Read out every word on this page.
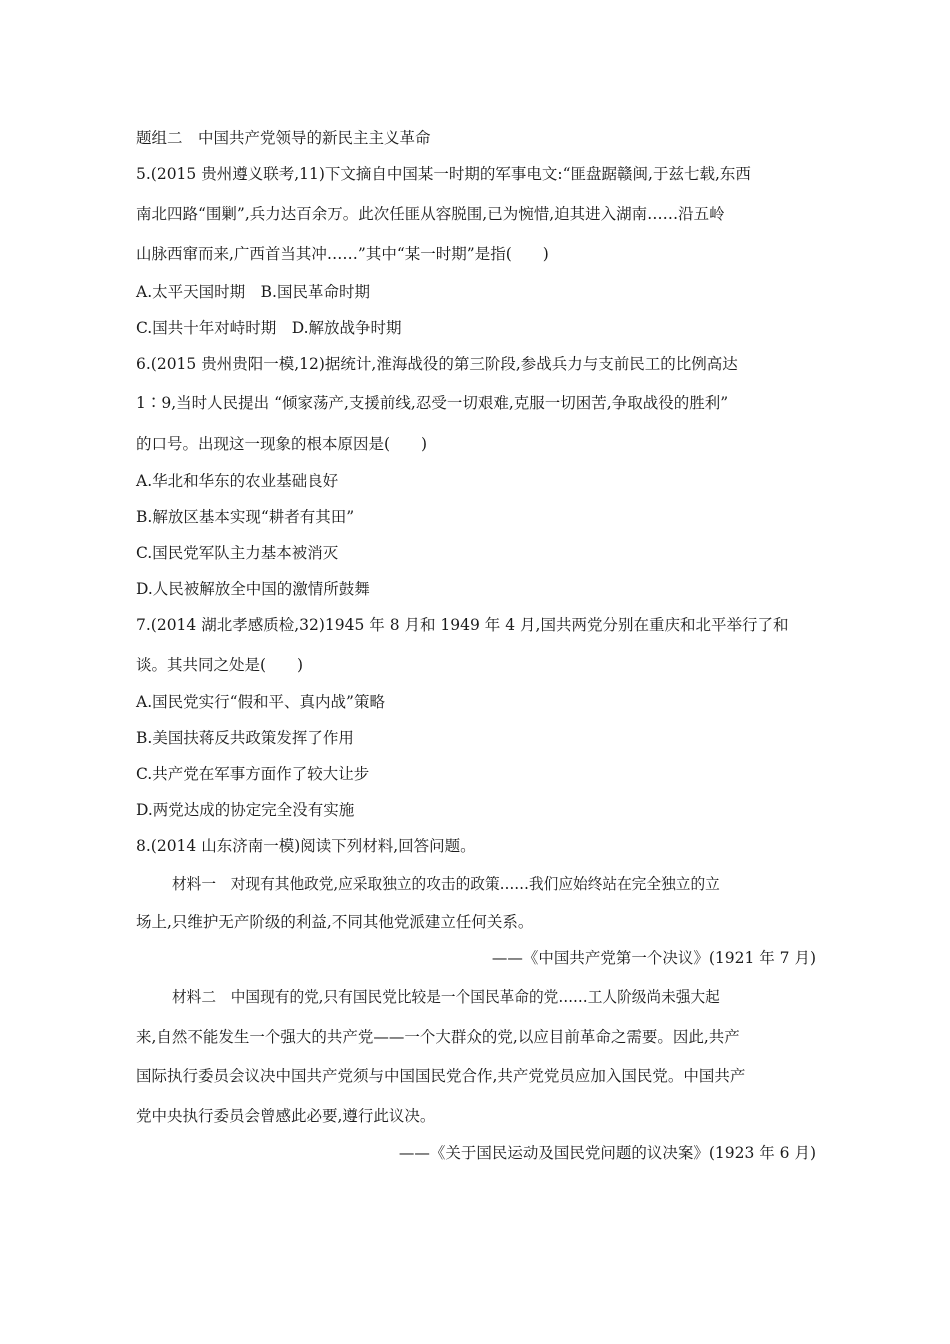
题组二　中国共产党领导的新民主主义革命
5.(2015 贵州遵义联考,11)下文摘自中国某一时期的军事电文:“匪盘踞赣闽,于兹七载,东西
南北四路“围剿”,兵力达百余万。此次任匪从容脱围,已为惋惜,迫其进入湖南……沿五岭
山脉西窜而来,广西首当其冲……”其中“某一时期”是指(　　)
A.太平天国时期　B.国民革命时期
C.国共十年对峙时期　D.解放战争时期
6.(2015 贵州贵阳一模,12)据统计,淮海战役的第三阶段,参战兵力与支前民工的比例高达
1∶9,当时人民提出 “倾家荡产,支援前线,忍受一切艰难,克服一切困苦,争取战役的胜利”
的口号。出现这一现象的根本原因是(　　)
A.华北和华东的农业基础良好
B.解放区基本实现“耕者有其田”
C.国民党军队主力基本被消灭
D.人民被解放全中国的激情所鼓舞
7.(2014 湖北孝感质检,32)1945 年 8 月和 1949 年 4 月,国共两党分别在重庆和北平举行了和
谈。其共同之处是(　　)
A.国民党实行“假和平、真内战”策略
B.美国扶蒋反共政策发挥了作用
C.共产党在军事方面作了较大让步
D.两党达成的协定完全没有实施
8.(2014 山东济南一模)阅读下列材料,回答问题。
材料一　对现有其他政党,应采取独立的攻击的政策……我们应始终站在完全独立的立
场上,只维护无产阶级的利益,不同其他党派建立任何关系。
——《中国共产党第一个决议》(1921 年 7 月)
材料二　中国现有的党,只有国民党比较是一个国民革命的党……工人阶级尚未强大起
来,自然不能发生一个强大的共产党——一个大群众的党,以应目前革命之需要。因此,共产
国际执行委员会议决中国共产党须与中国国民党合作,共产党党员应加入国民党。中国共产
党中央执行委员会曾感此必要,遵行此议决。
——《关于国民运动及国民党问题的议决案》(1923 年 6 月)
